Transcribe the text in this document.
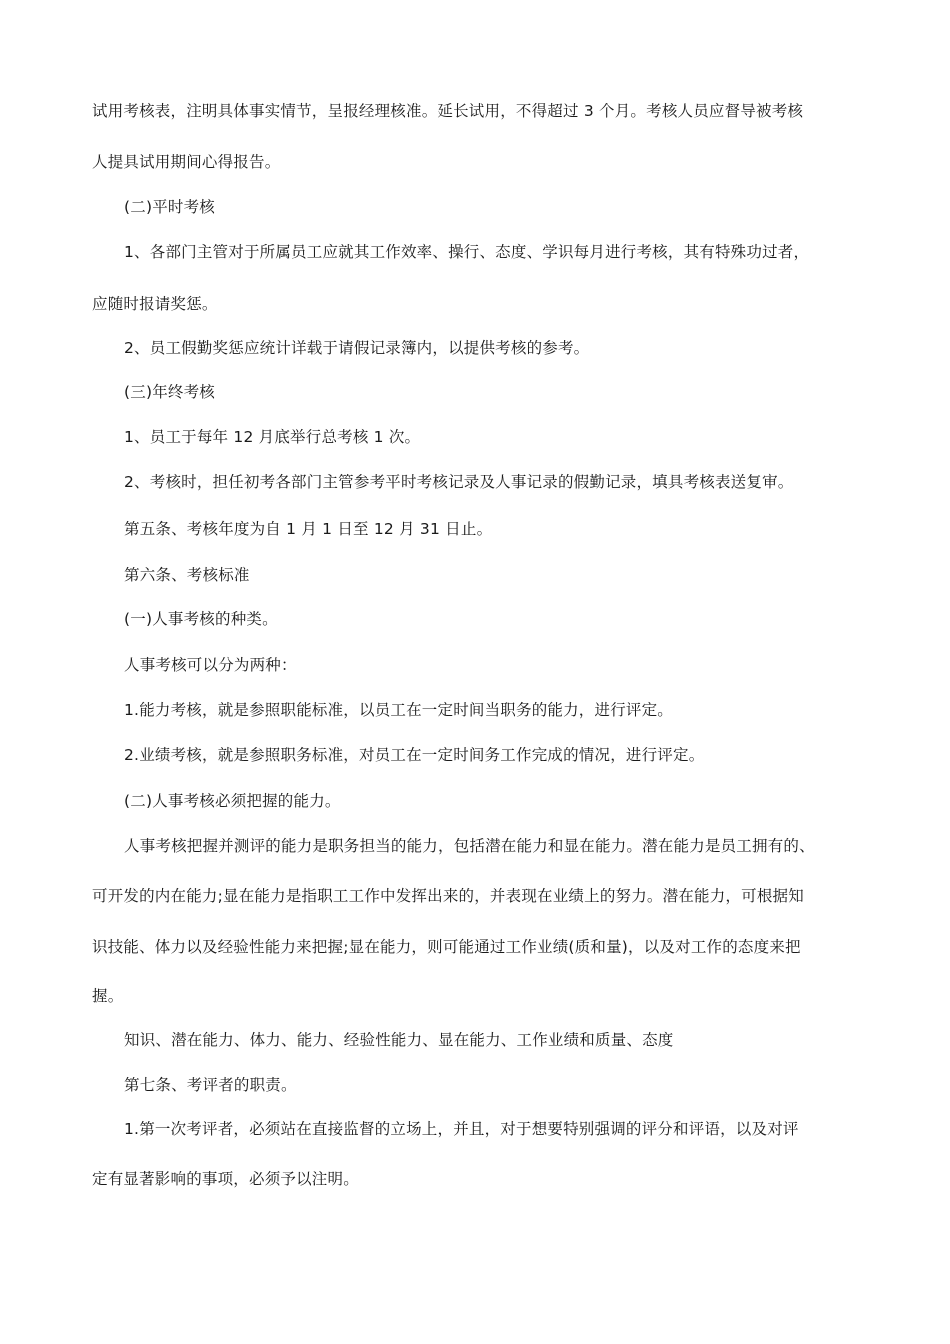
试用考核表，注明具体事实情节，呈报经理核准。延长试用，不得超过 3 个月。考核人员应督导被考核
人提具试用期间心得报告。
(二)平时考核
1、各部门主管对于所属员工应就其工作效率、操行、态度、学识每月进行考核，其有特殊功过者，
应随时报请奖惩。
2、员工假勤奖惩应统计详载于请假记录簿内，以提供考核的参考。
(三)年终考核
1、员工于每年 12 月底举行总考核 1 次。
2、考核时，担任初考各部门主管参考平时考核记录及人事记录的假勤记录，填具考核表送复审。
第五条、考核年度为自 1 月 1 日至 12 月 31 日止。
第六条、考核标准
(一)人事考核的种类。
人事考核可以分为两种：
1.能力考核，就是参照职能标准，以员工在一定时间当职务的能力，进行评定。
2.业绩考核，就是参照职务标准，对员工在一定时间务工作完成的情况，进行评定。
(二)人事考核必须把握的能力。
人事考核把握并测评的能力是职务担当的能力，包括潜在能力和显在能力。潜在能力是员工拥有的、
可开发的内在能力;显在能力是指职工工作中发挥出来的，并表现在业绩上的努力。潜在能力，可根据知
识技能、体力以及经验性能力来把握;显在能力，则可能通过工作业绩(质和量)，以及对工作的态度来把
握。
知识、潜在能力、体力、能力、经验性能力、显在能力、工作业绩和质量、态度
第七条、考评者的职责。
1.第一次考评者，必须站在直接监督的立场上，并且，对于想要特别强调的评分和评语，以及对评
定有显著影响的事项，必须予以注明。
